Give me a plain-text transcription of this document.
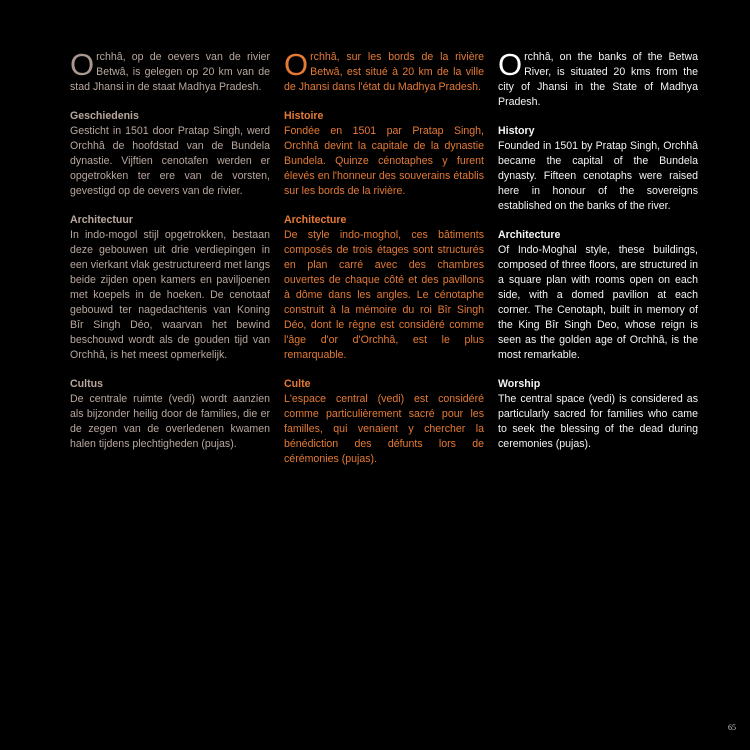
Orchhâ, op de oevers van de rivier Betwâ, is gelegen op 20 km van de stad Jhansi in de staat Madhya Pradesh.

Geschiedenis

Gesticht in 1501 door Pratap Singh, werd Orchhâ de hoofdstad van de Bundela dynastie. Vijftien cenotafen werden er opgetrokken ter ere van de vorsten, gevestigd op de oevers van de rivier.

Architectuur

In indo-mogol stijl opgetrokken, bestaan deze gebouwen uit drie verdiepingen in een vierkant vlak gestructureerd met langs beide zijden open kamers en paviljoenen met koepels in de hoeken. De cenotaaf gebouwd ter nagedachtenis van Koning Bîr Singh Déo, waarvan het bewind beschouwd wordt als de gouden tijd van Orchhâ, is het meest opmerkelijk.

Cultus

De centrale ruimte (vedi) wordt aanzien als bijzonder heilig door de families, die er de zegen van de overledenen kwamen halen tijdens plechtigheden (pujas).

Orchhâ, sur les bords de la rivière Betwâ, est situé à 20 km de la ville de Jhansi dans l'état du Madhya Pradesh.

Histoire

Fondée en 1501 par Pratap Singh, Orchhâ devint la capitale de la dynastie Bundela. Quinze cénotaphes y furent élevés en l'honneur des souverains établis sur les bords de la rivière.

Architecture

De style indo-moghol, ces bâtiments composés de trois étages sont structurés en plan carré avec des chambres ouvertes de chaque côté et des pavillons à dôme dans les angles. Le cénotaphe construit à la mémoire du roi Bîr Singh Déo, dont le règne est considéré comme l'âge d'or d'Orchhâ, est le plus remarquable.

Culte

L'espace central (vedi) est considéré comme particulièrement sacré pour les familles, qui venaient y chercher la bénédiction des défunts lors de cérémonies (pujas).

Orchhâ, on the banks of the Betwa River, is situated 20 kms from the city of Jhansi in the State of Madhya Pradesh.

History

Founded in 1501 by Pratap Singh, Orchhâ became the capital of the Bundela dynasty. Fifteen cenotaphs were raised here in honour of the sovereigns established on the banks of the river.

Architecture

Of Indo-Moghal style, these buildings, composed of three floors, are structured in a square plan with rooms open on each side, with a domed pavilion at each corner. The Cenotaph, built in memory of the King Bîr Singh Deo, whose reign is seen as the golden age of Orchhâ, is the most remarkable.

Worship

The central space (vedi) is considered as particularly sacred for families who came to seek the blessing of the dead during ceremonies (pujas).

65
